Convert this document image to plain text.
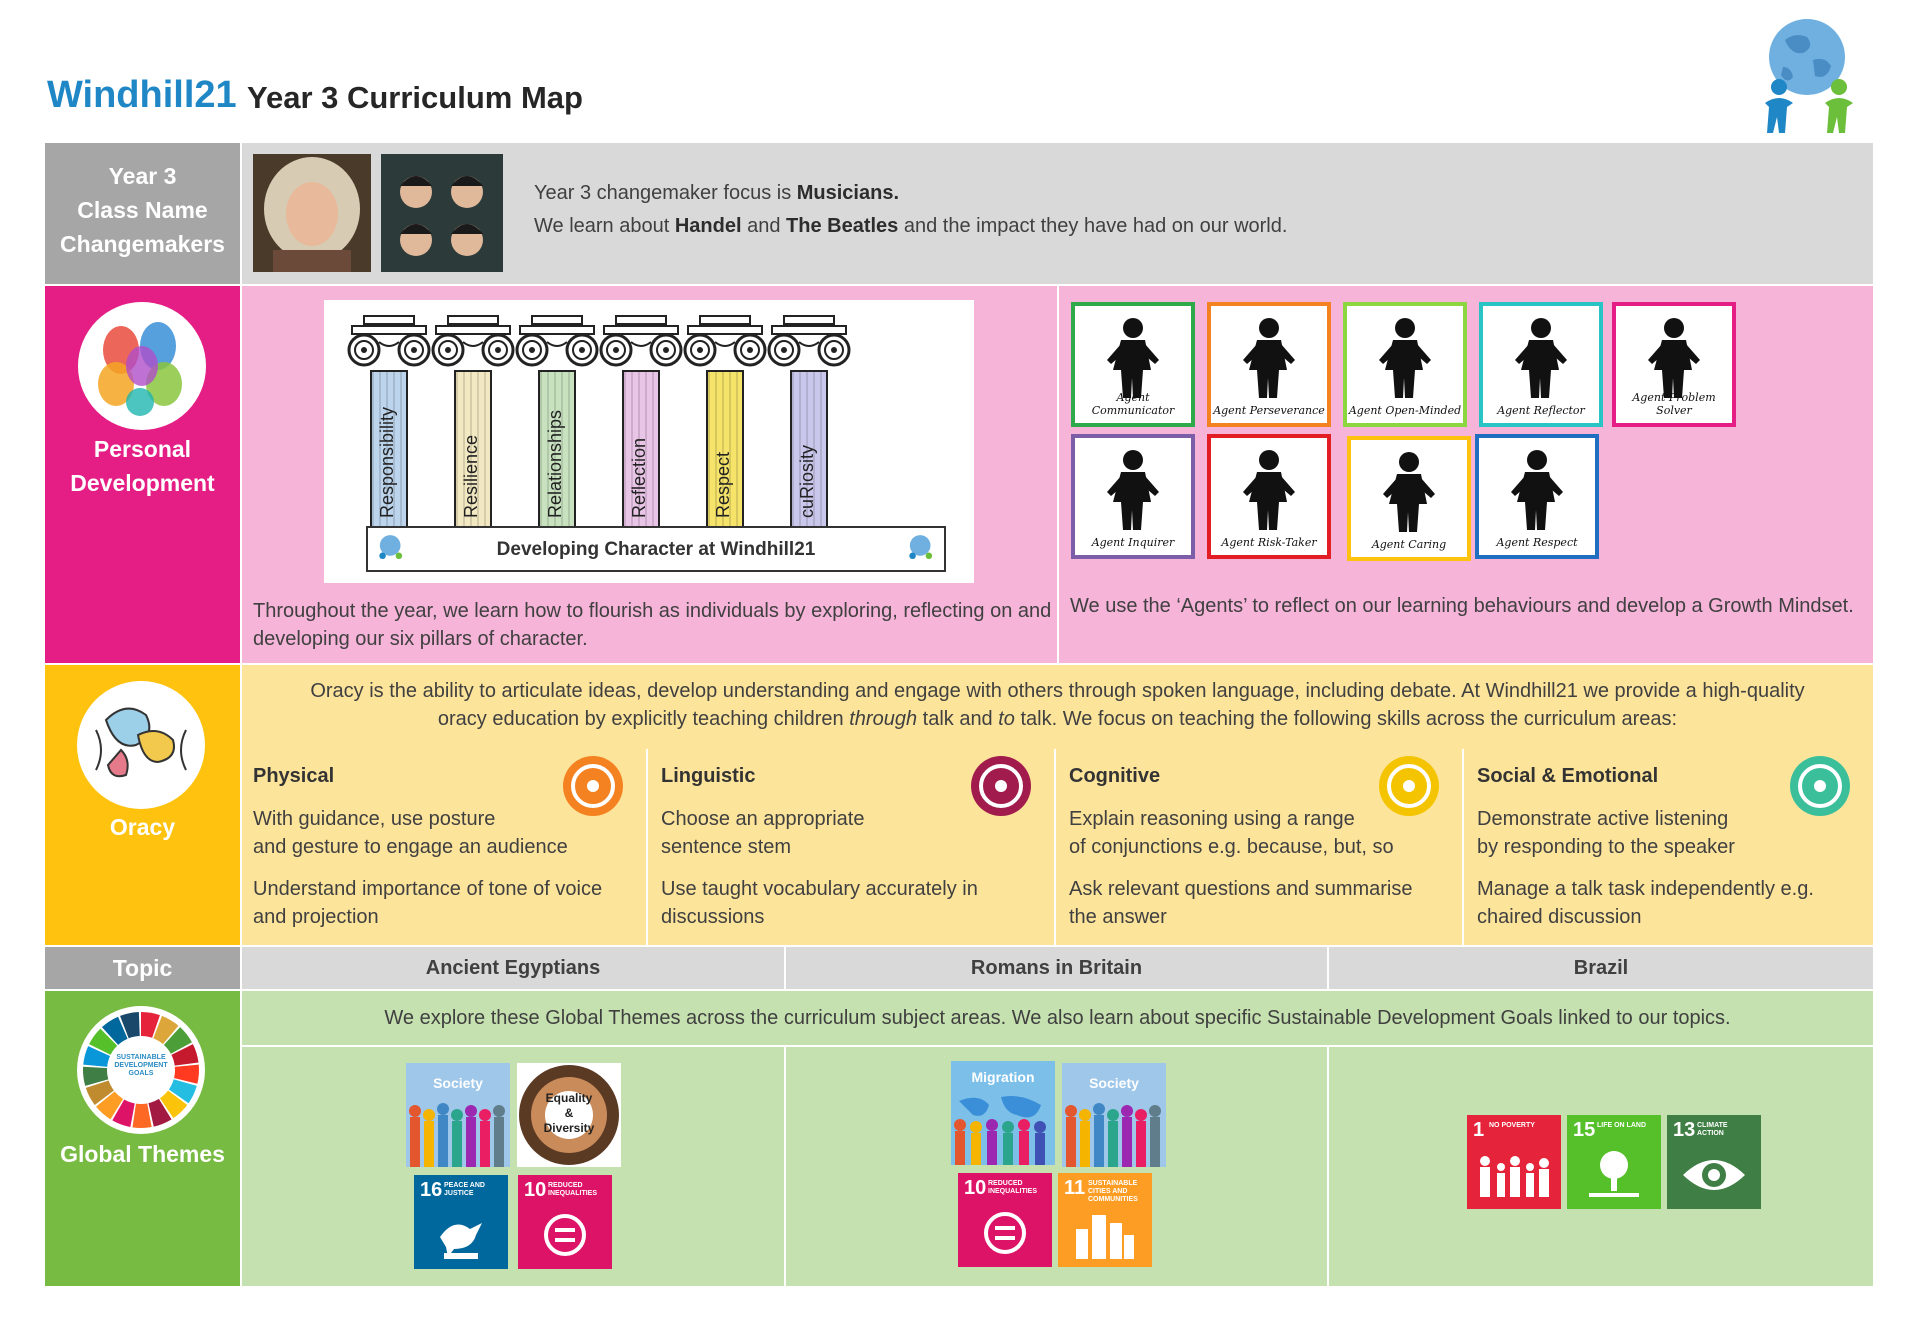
Windhill21 Year 3 Curriculum Map
Year 3
Class Name
Changemakers
Year 3 changemaker focus is Musicians.
We learn about Handel and The Beatles and the impact they have had on our world.
Personal
Development	Responsibility	Resilience	Relationships	Reflection	Respect	cuRiosity
Developing Character at Windhill21
Throughout the year, we learn how to flourish as individuals by exploring, reflecting on and developing our six pillars of character.
Agent Communicator	Agent Perseverance Agent Open-Minded	Agent Reflector
Agent Problem Solver
Agent Inquirer	Agent Risk-Taker	Agent Caring	Agent Respect
We use the ‘Agents’ to reflect on our learning behaviours and develop a Growth Mindset.
Oracy
Oracy is the ability to articulate ideas, develop understanding and engage with others through spoken language, including debate. At Windhill21 we provide a high-quality
oracy education by explicitly teaching children through talk and to talk. We focus on teaching the following skills across the curriculum areas:
Physical
With guidance, use posture
and gesture to engage an audience
Understand importance of tone of voice
and projection
Linguistic
Choose an appropriate
sentence stem
Use taught vocabulary accurately in
discussions
Cognitive
Explain reasoning using a range
of conjunctions e.g. because, but, so
Ask relevant questions and summarise
the answer
Social & Emotional
Demonstrate active listening
by responding to the speaker
Manage a talk task independently e.g.
chaired discussion
Topic	Ancient Egyptians	Romans in Britain	Brazil
SUSTAINABLE
DEVELOPMENT
GOALS
Global Themes
We explore these Global Themes across the curriculum subject areas. We also learn about specific Sustainable Development Goals linked to our topics.
Society
Equality
&
Diversity
16 PEACE AND JUSTICE	10 REDUCED INEQUALITIES
Migration	Society
10 REDUCED INEQUALITIES	11 SUSTAINABLE CITIES AND COMMUNITIES
1 NO POVERTY	15 LIFE ON LAND	13 CLIMATE ACTION
